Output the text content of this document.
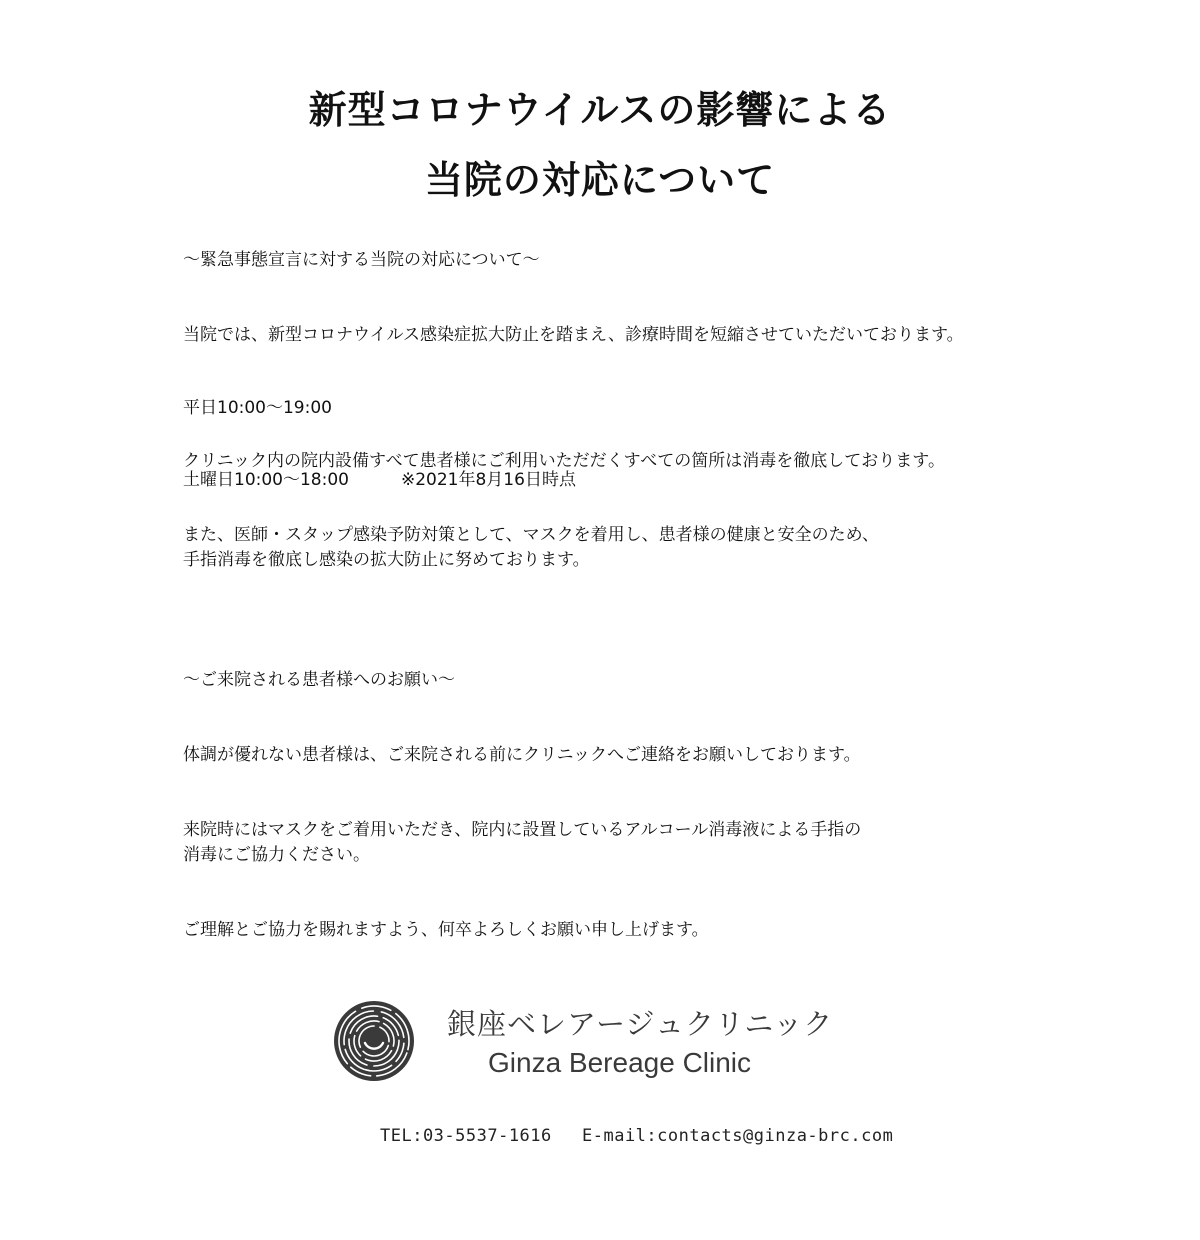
新型コロナウイルスの影響による
当院の対応について

～緊急事態宣言に対する当院の対応について～

当院では、新型コロナウイルス感染症拡大防止を踏まえ、診療時間を短縮させていただいております。

平日10:00～19:00

土曜日10:00～18:00	※2021年8月16日時点

クリニック内の院内設備すべて患者様にご利用いただだくすべての箇所は消毒を徹底しております。

また、医師・スタップ感染予防対策として、マスクを着用し、患者様の健康と安全のため、

手指消毒を徹底し感染の拡大防止に努めております。

～ご来院される患者様へのお願い～

体調が優れない患者様は、ご来院される前にクリニックへご連絡をお願いしております。

来院時にはマスクをご着用いただき、院内に設置しているアルコール消毒液による手指の

消毒にご協力ください。

ご理解とご協力を賜れますよう、何卒よろしくお願い申し上げます。

銀座ベレアージュクリニック
Ginza Bereage Clinic
TEL:03-5537-1616 E-mail:contacts@ginza-brc.com
